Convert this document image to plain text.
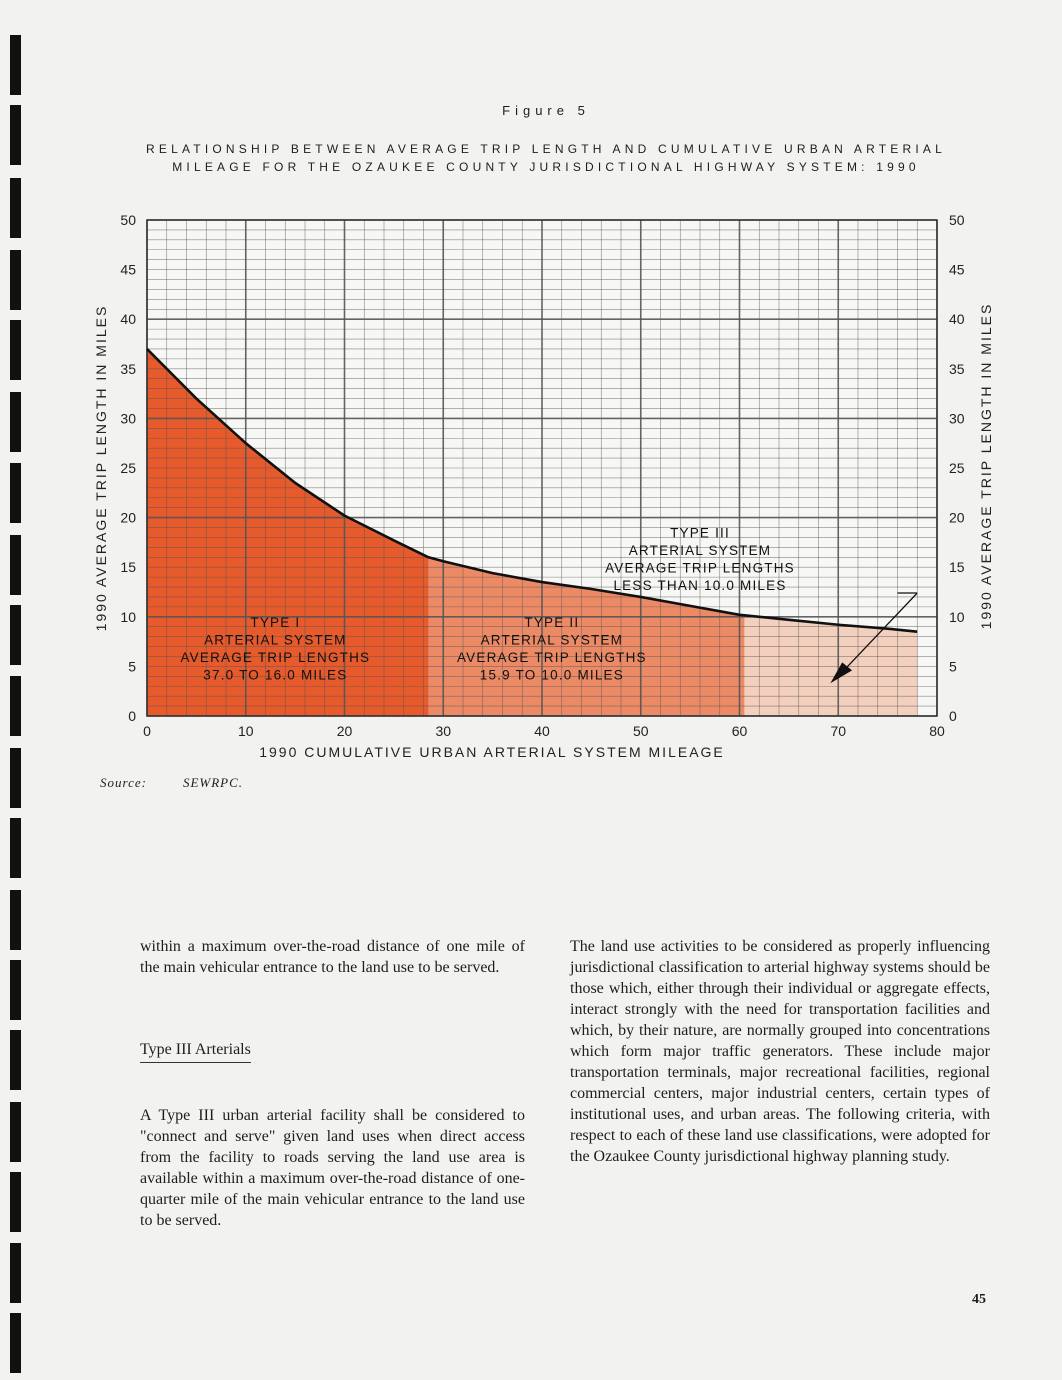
Figure 5
RELATIONSHIP BETWEEN AVERAGE TRIP LENGTH AND CUMULATIVE URBAN ARTERIAL
MILEAGE FOR THE OZAUKEE COUNTY JURISDICTIONAL HIGHWAY SYSTEM: 1990
0	10	20	30	40	50	60	70	80
0	0
5	5
10	10
15	15
20	20
25	25
30	30
35	35
40	40
45	45
50	50
1990 CUMULATIVE URBAN ARTERIAL SYSTEM MILEAGE
1990 AVERAGE TRIP LENGTH IN MILES	1990 AVERAGE TRIP LENGTH IN MILES
TYPE I
ARTERIAL SYSTEM
AVERAGE TRIP LENGTHS
37.0 TO 16.0 MILES
TYPE II
ARTERIAL SYSTEM
AVERAGE TRIP LENGTHS
15.9 TO 10.0 MILES
TYPE III
ARTERIAL SYSTEM
AVERAGE TRIP LENGTHS
LESS THAN 10.0 MILES
Source:	SEWRPC.

within a maximum over-the-road distance of one mile of the main vehicular entrance to the land use to be served.

Type III Arterials

A Type III urban arterial facility shall be considered to "connect and serve" given land uses when direct access from the facility to roads serving the land use area is available within a maximum over-the-road distance of one-quarter mile of the main vehicular entrance to the land use to be served.

The land use activities to be considered as properly influencing jurisdictional classification to arterial highway systems should be those which, either through their individual or aggregate effects, interact strongly with the need for transportation facilities and which, by their nature, are normally grouped into concentrations which form major traffic generators. These include major transportation terminals, major recreational facilities, regional commercial centers, major industrial centers, certain types of institutional uses, and urban areas. The following criteria, with respect to each of these land use classifications, were adopted for the Ozaukee County jurisdictional highway planning study.

45
